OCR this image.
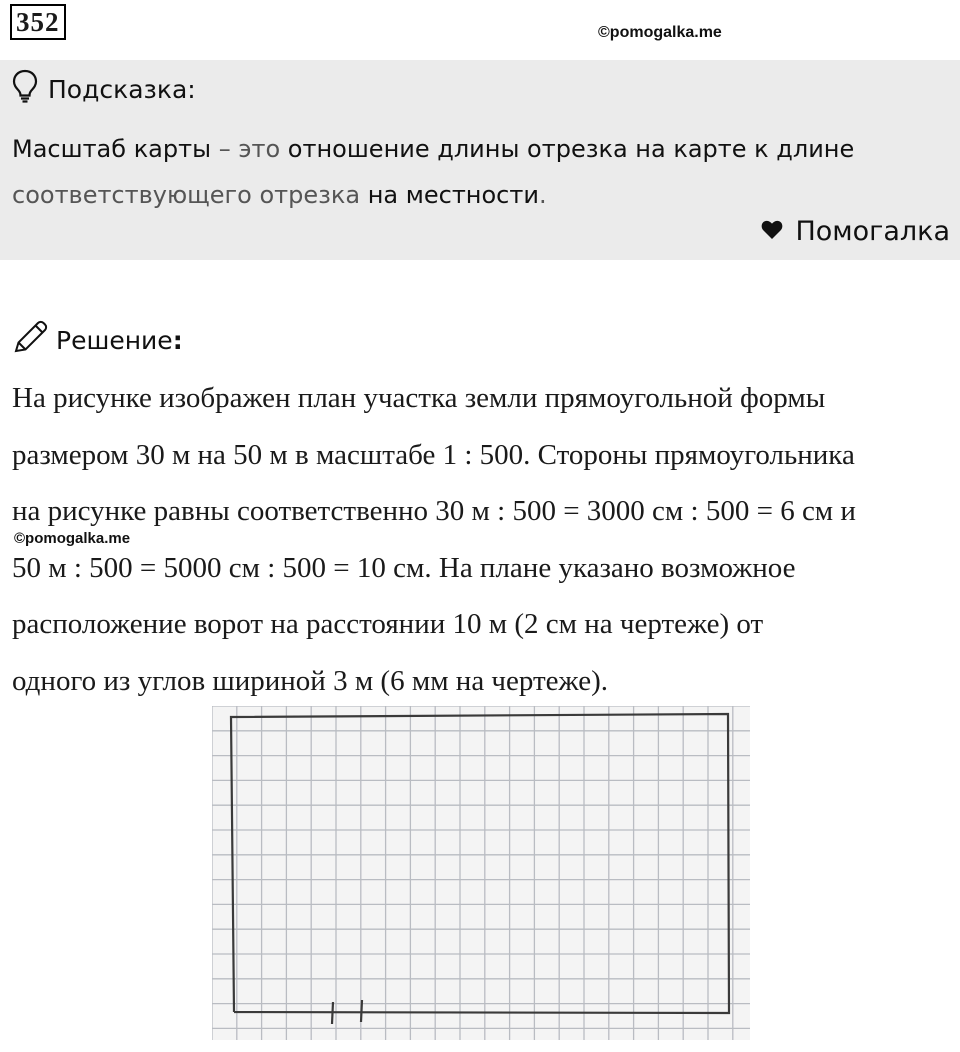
352	©pomogalka.me
Подсказка:
Масштаб карты – это отношение длины отрезка на карте к длине
соответствующего отрезка на местности.
Помогалка
Решение:

На рисунке изображен план участка земли прямоугольной формы

размером 30 м на 50 м в масштабе 1 : 500. Стороны прямоугольника

на рисунке равны соответственно 30 м : 500 = 3000 см : 500 = 6 см и

50 м : 500 = 5000 см : 500 = 10 см. На плане указано возможное

расположение ворот на расстоянии 10 м (2 см на чертеже) от

одного из углов шириной 3 м (6 мм на чертеже).

©pomogalka.me
